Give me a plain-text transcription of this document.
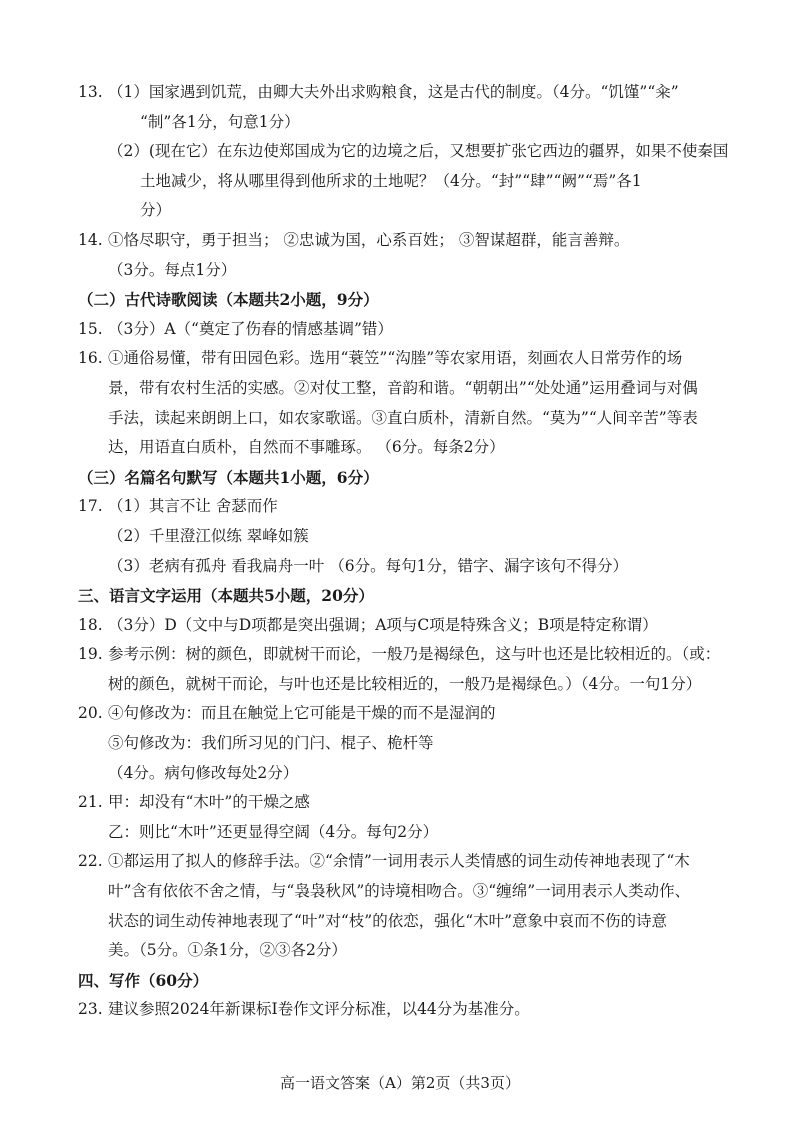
13. （1）国家遇到饥荒，由卿大夫外出求购粮食，这是古代的制度。（4分。“饥馑”“籴”
“制”各1分，句意1分）
（2）(现在它）在东边使郑国成为它的边境之后，又想要扩张它西边的疆界，如果不使秦国
土地减少，将从哪里得到他所求的土地呢？（4分。“封”“肆”“阙”“焉”各1
分）
14. ①恪尽职守，勇于担当； ②忠诚为国，心系百姓； ③智谋超群，能言善辩。
（3分。每点1分）
（二）古代诗歌阅读（本题共2小题，9分）
15. （3分）A（“奠定了伤春的情感基调”错）
16. ①通俗易懂，带有田园色彩。选用“蓑笠”“沟塍”等农家用语，刻画农人日常劳作的场
景，带有农村生活的实感。②对仗工整，音韵和谐。“朝朝出”“处处通”运用叠词与对偶
手法，读起来朗朗上口，如农家歌谣。③直白质朴，清新自然。“莫为”“人间辛苦”等表
达，用语直白质朴，自然而不事雕琢。 （6分。每条2分）
（三）名篇名句默写（本题共1小题，6分）
17. （1）其言不让 舍瑟而作
（2）千里澄江似练 翠峰如簇
（3）老病有孤舟 看我扁舟一叶 （6分。每句1分，错字、漏字该句不得分）
三、语言文字运用（本题共5小题，20分）
18. （3分）D（文中与D项都是突出强调；A项与C项是特殊含义；B项是特定称谓）
19. 参考示例：树的颜色，即就树干而论，一般乃是褐绿色，这与叶也还是比较相近的。（或：
树的颜色，就树干而论，与叶也还是比较相近的，一般乃是褐绿色。）（4分。一句1分）
20. ④句修改为：而且在触觉上它可能是干燥的而不是湿润的
⑤句修改为：我们所习见的门闩、棍子、桅杆等
（4分。病句修改每处2分）
21. 甲：却没有“木叶”的干燥之感
乙：则比“木叶”还更显得空阔（4分。每句2分）
22. ①都运用了拟人的修辞手法。②“余情”一词用表示人类情感的词生动传神地表现了“木
叶”含有依依不舍之情，与“袅袅秋风”的诗境相吻合。③“缠绵”一词用表示人类动作、
状态的词生动传神地表现了“叶”对“枝”的依恋，强化“木叶”意象中哀而不伤的诗意
美。（5分。①条1分，②③各2分）
四、写作（60分）
23. 建议参照2024年新课标I卷作文评分标准，以44分为基准分。
高一语文答案（A）第2页（共3页）
